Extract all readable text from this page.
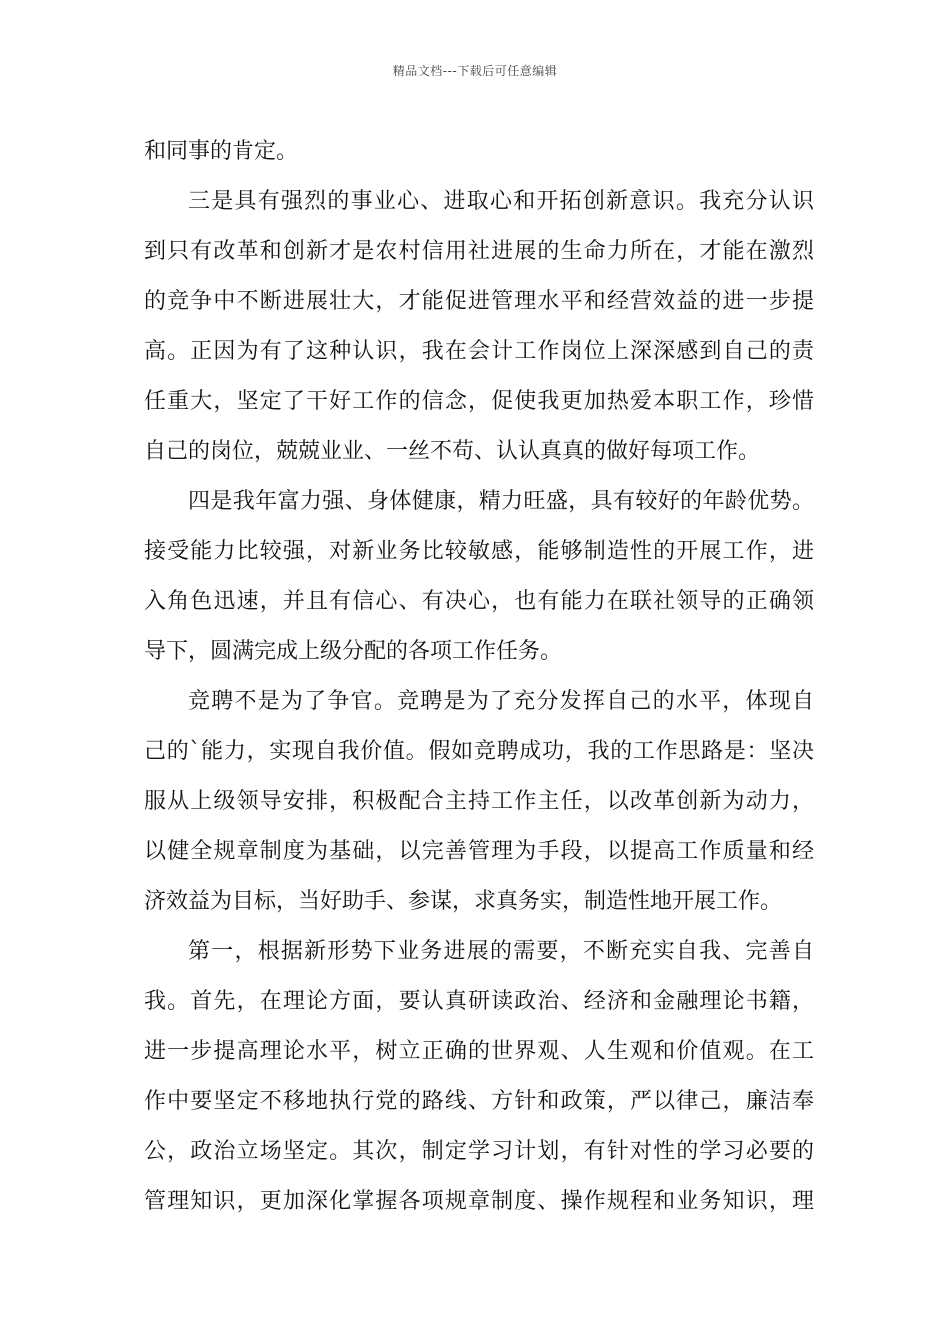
精品文档---下载后可任意编辑
和同事的肯定。
三是具有强烈的事业心、进取心和开拓创新意识。我充分认识
到只有改革和创新才是农村信用社进展的生命力所在，才能在激烈
的竞争中不断进展壮大，才能促进管理水平和经营效益的进一步提
高。正因为有了这种认识，我在会计工作岗位上深深感到自己的责
任重大，坚定了干好工作的信念，促使我更加热爱本职工作，珍惜
自己的岗位，兢兢业业、一丝不苟、认认真真的做好每项工作。
四是我年富力强、身体健康，精力旺盛，具有较好的年龄优势。
接受能力比较强，对新业务比较敏感，能够制造性的开展工作，进
入角色迅速，并且有信心、有决心，也有能力在联社领导的正确领
导下，圆满完成上级分配的各项工作任务。
竞聘不是为了争官。竞聘是为了充分发挥自己的水平，体现自
己的`能力，实现自我价值。假如竞聘成功，我的工作思路是：坚决
服从上级领导安排，积极配合主持工作主任，以改革创新为动力，
以健全规章制度为基础，以完善管理为手段，以提高工作质量和经
济效益为目标，当好助手、参谋，求真务实，制造性地开展工作。
第一，根据新形势下业务进展的需要，不断充实自我、完善自
我。首先，在理论方面，要认真研读政治、经济和金融理论书籍，
进一步提高理论水平，树立正确的世界观、人生观和价值观。在工
作中要坚定不移地执行党的路线、方针和政策，严以律己，廉洁奉
公，政治立场坚定。其次，制定学习计划，有针对性的学习必要的
管理知识，更加深化掌握各项规章制度、操作规程和业务知识，理
